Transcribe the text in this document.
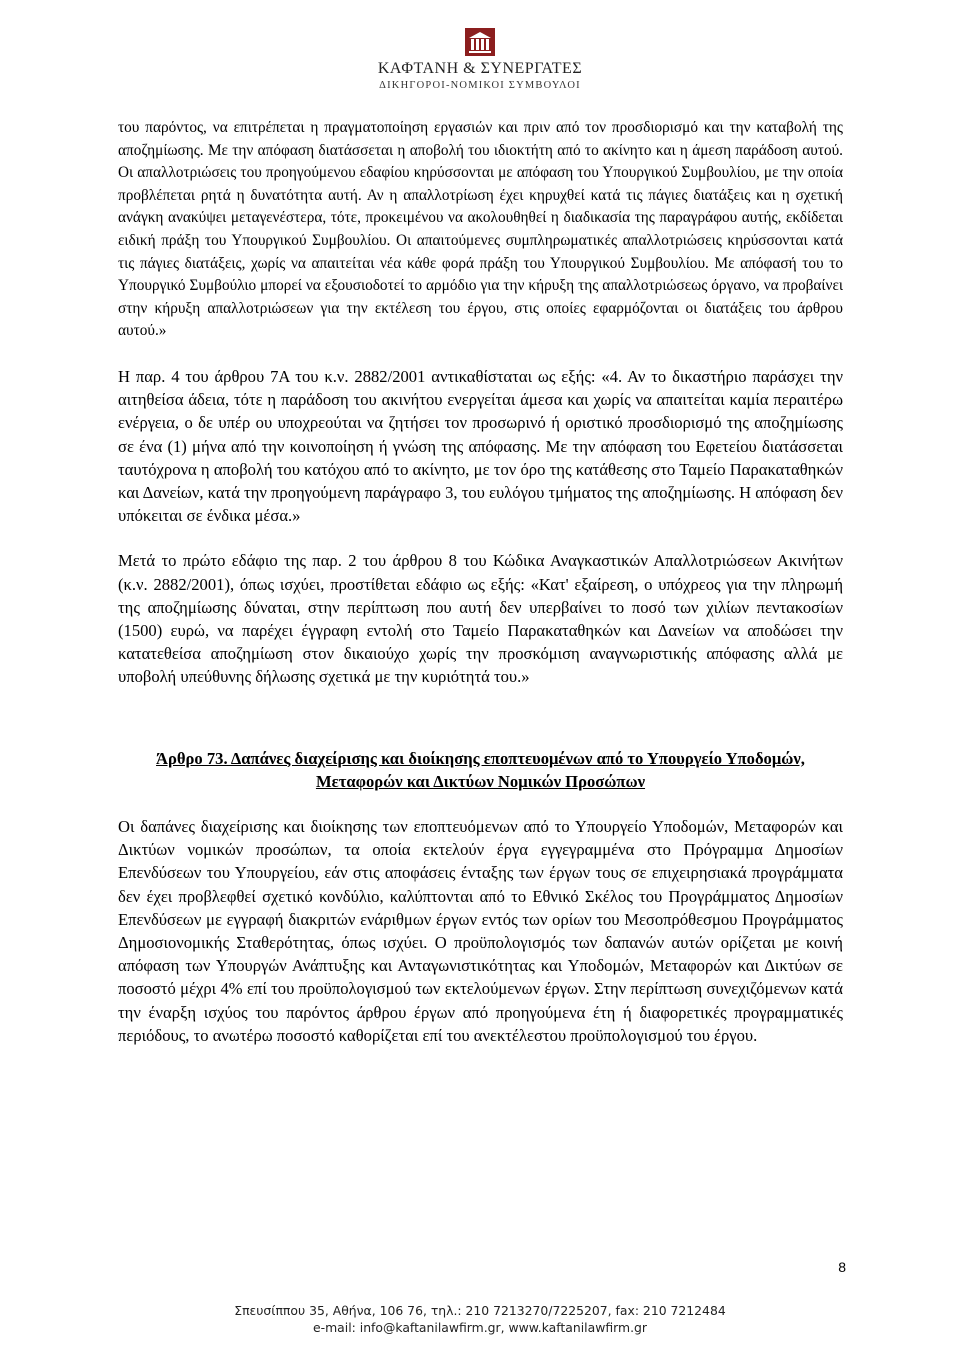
ΚΑΦΤΑΝΗ & ΣΥΝΕΡΓΑΤΕΣ
ΔΙΚΗΓΟΡΟΙ-ΝΟΜΙΚΟΙ ΣΥΜΒΟΥΛΟΙ

του παρόντος, να επιτρέπεται η πραγματοποίηση εργασιών και πριν από τον προσδιορισμό και την καταβολή της αποζημίωσης. Με την απόφαση διατάσσεται η αποβολή του ιδιοκτήτη από το ακίνητο και η άμεση παράδοση αυτού. Οι απαλλοτριώσεις του προηγούμενου εδαφίου κηρύσσονται με απόφαση του Υπουργικού Συμβουλίου, με την οποία προβλέπεται ρητά η δυνατότητα αυτή. Αν η απαλλοτρίωση έχει κηρυχθεί κατά τις πάγιες διατάξεις και η σχετική ανάγκη ανακύψει μεταγενέστερα, τότε, προκειμένου να ακολουθηθεί η διαδικασία της παραγράφου αυτής, εκδίδεται ειδική πράξη του Υπουργικού Συμβουλίου. Οι απαιτούμενες συμπληρωματικές απαλλοτριώσεις κηρύσσονται κατά τις πάγιες διατάξεις, χωρίς να απαιτείται νέα κάθε φορά πράξη του Υπουργικού Συμβουλίου. Με απόφασή του το Υπουργικό Συμβούλιο μπορεί να εξουσιοδοτεί το αρμόδιο για την κήρυξη της απαλλοτριώσεως όργανο, να προβαίνει στην κήρυξη απαλλοτριώσεων για την εκτέλεση του έργου, στις οποίες εφαρμόζονται οι διατάξεις του άρθρου αυτού.»

Η παρ. 4 του άρθρου 7Α του κ.ν. 2882/2001 αντικαθίσταται ως εξής: «4. Αν το δικαστήριο παράσχει την αιτηθείσα άδεια, τότε η παράδοση του ακινήτου ενεργείται άμεσα και χωρίς να απαιτείται καμία περαιτέρω ενέργεια, ο δε υπέρ ου υποχρεούται να ζητήσει τον προσωρινό ή οριστικό προσδιορισμό της αποζημίωσης σε ένα (1) μήνα από την κοινοποίηση ή γνώση της απόφασης. Με την απόφαση του Εφετείου διατάσσεται ταυτόχρονα η αποβολή του κατόχου από το ακίνητο, με τον όρο της κατάθεσης στο Ταμείο Παρακαταθηκών και Δανείων, κατά την προηγούμενη παράγραφο 3, του ευλόγου τμήματος της αποζημίωσης. Η απόφαση δεν υπόκειται σε ένδικα μέσα.»

Μετά το πρώτο εδάφιο της παρ. 2 του άρθρου 8 του Κώδικα Αναγκαστικών Απαλλοτριώσεων Ακινήτων (κ.ν. 2882/2001), όπως ισχύει, προστίθεται εδάφιο ως εξής: «Κατ' εξαίρεση, ο υπόχρεος για την πληρωμή της αποζημίωσης δύναται, στην περίπτωση που αυτή δεν υπερβαίνει το ποσό των χιλίων πεντακοσίων (1500) ευρώ, να παρέχει έγγραφη εντολή στο Ταμείο Παρακαταθηκών και Δανείων να αποδώσει την κατατεθείσα αποζημίωση στον δικαιούχο χωρίς την προσκόμιση αναγνωριστικής απόφασης αλλά με υποβολή υπεύθυνης δήλωσης σχετικά με την κυριότητά του.»

Άρθρο 73. Δαπάνες διαχείρισης και διοίκησης εποπτευομένων από το Υπουργείο Υποδομών, Μεταφορών και Δικτύων Νομικών Προσώπων

Οι δαπάνες διαχείρισης και διοίκησης των εποπτευόμενων από το Υπουργείο Υποδομών, Μεταφορών και Δικτύων νομικών προσώπων, τα οποία εκτελούν έργα εγγεγραμμένα στο Πρόγραμμα Δημοσίων Επενδύσεων του Υπουργείου, εάν στις αποφάσεις ένταξης των έργων τους σε επιχειρησιακά προγράμματα δεν έχει προβλεφθεί σχετικό κονδύλιο, καλύπτονται από το Εθνικό Σκέλος του Προγράμματος Δημοσίων Επενδύσεων με εγγραφή διακριτών ενάριθμων έργων εντός των ορίων του Μεσοπρόθεσμου Προγράμματος Δημοσιονομικής Σταθερότητας, όπως ισχύει. Ο προϋπολογισμός των δαπανών αυτών ορίζεται με κοινή απόφαση των Υπουργών Ανάπτυξης και Ανταγωνιστικότητας και Υποδομών, Μεταφορών και Δικτύων σε ποσοστό μέχρι 4% επί του προϋπολογισμού των εκτελούμενων έργων. Στην περίπτωση συνεχιζόμενων κατά την έναρξη ισχύος του παρόντος άρθρου έργων από προηγούμενα έτη ή διαφορετικές προγραμματικές περιόδους, το ανωτέρω ποσοστό καθορίζεται επί του ανεκτέλεστου προϋπολογισμού του έργου.

8
Σπευσίππου 35, Αθήνα, 106 76, τηλ.: 210 7213270/7225207, fax: 210 7212484
e-mail: info@kaftanilawfirm.gr, www.kaftanilawfirm.gr
